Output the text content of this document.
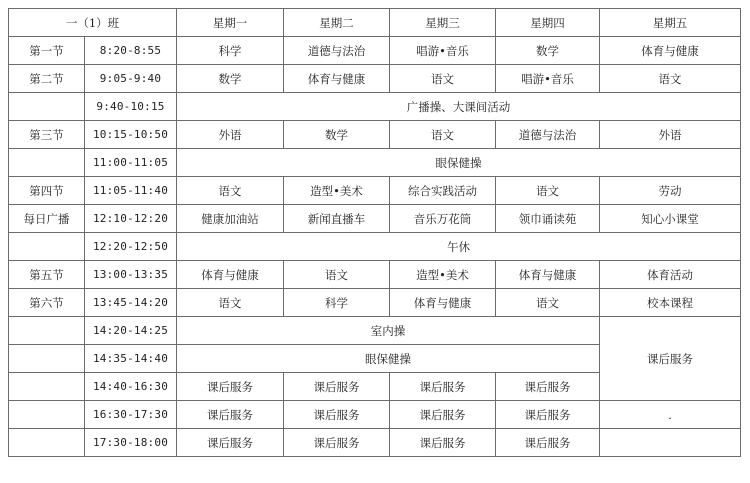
一（1）班		星期一	星期二	星期三	星期四	星期五
第一节	8:20-8:55	科学	道德与法治	唱游•音乐	数学	体育与健康
第二节	9:05-9:40	数学	体育与健康	语文	唱游•音乐	语文
	9:40-10:15	广播操、大课间活动				
第三节	10:15-10:50	外语	数学	语文	道德与法治	外语
	11:00-11:05	眼保健操				
第四节	11:05-11:40	语文	造型•美术	综合实践活动	语文	劳动
每日广播	12:10-12:20	健康加油站	新闻直播车	音乐万花筒	领巾诵读苑	知心小课堂
	12:20-12:50	午休				
第五节	13:00-13:35	体育与健康	语文	造型•美术	体育与健康	体育活动
第六节	13:45-14:20	语文	科学	体育与健康	语文	校本课程
	14:20-14:25	室内操				课后服务
	14:35-14:40	眼保健操				
	14:40-16:30	课后服务	课后服务	课后服务	课后服务	
	16:30-17:30	课后服务	课后服务	课后服务	课后服务	.
	17:30-18:00	课后服务	课后服务	课后服务	课后服务	
